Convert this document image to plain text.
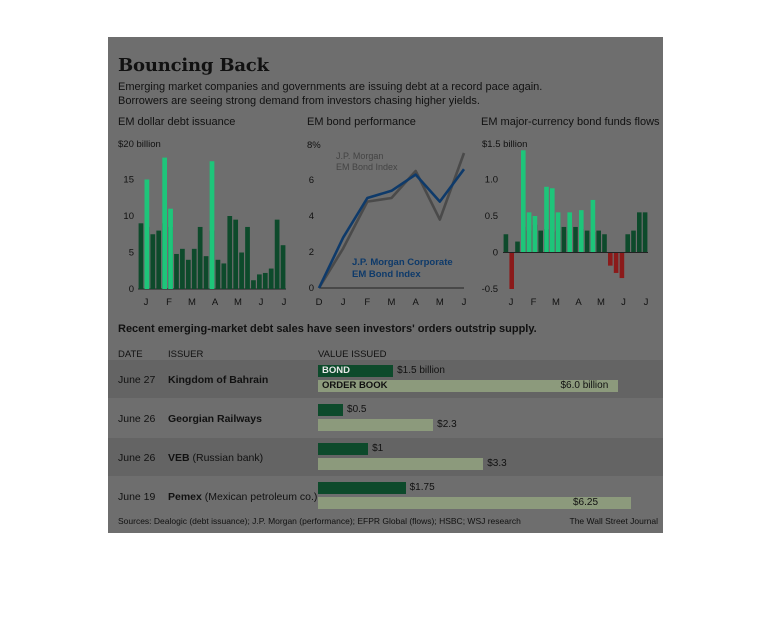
Bouncing Back
Emerging market companies and governments are issuing debt at a record pace again.
Borrowers are seeing strong demand from investors chasing higher yields.
EM dollar debt issuance	EM bond performance	EM major-currency bond funds flows
$20 billion
15
10
5
0
J F M A M J J
8%
6
4
2
0
D J F M A M J
J.P. Morgan
EM Bond Index
J.P. Morgan Corporate
EM Bond Index
$1.5 billion
1.0
0.5
0
-0.5
J F M A M J J
Recent emerging-market debt sales have seen investors' orders outstrip supply.
DATE	ISSUER	VALUE ISSUED
June 27 Kingdom of Bahrain
BOND
ORDER BOOK
$1.5 billion
$6.0 billion
June 26 Georgian Railways
$0.5
$2.3
June 26 VEB (Russian bank)
$1
$3.3
June 19 Pemex (Mexican petroleum co.)
$1.75
$6.25
Sources: Dealogic (debt issuance); J.P. Morgan (performance); EFPR Global (flows); HSBC; WSJ research	The Wall Street Journal
